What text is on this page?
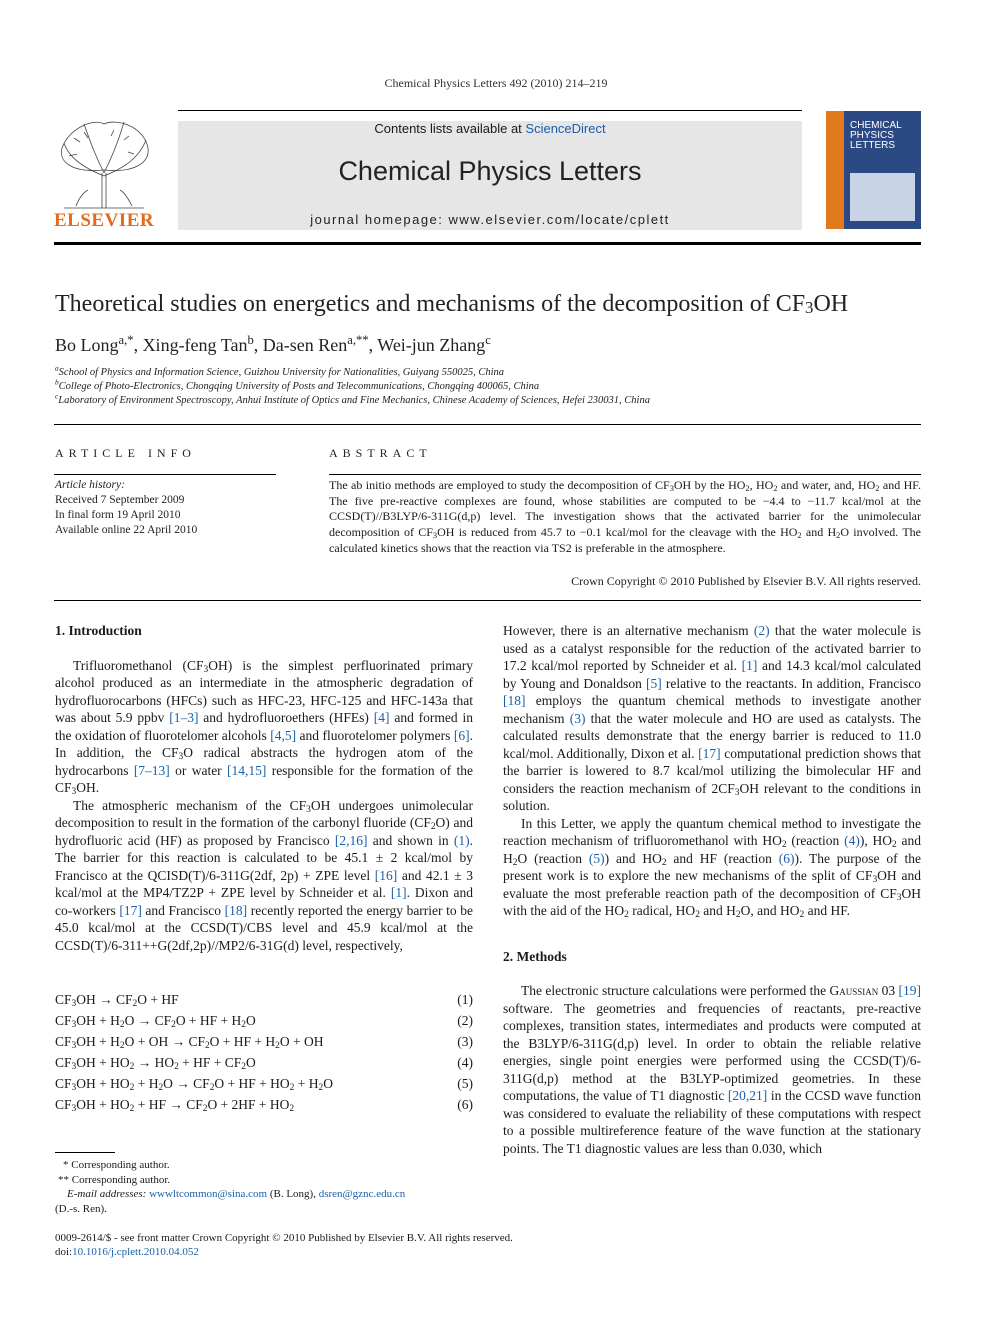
Chemical Physics Letters 492 (2010) 214–219
ELSEVIER
Contents lists available at ScienceDirect
Chemical Physics Letters
journal homepage: www.elsevier.com/locate/cplett
CHEMICAL PHYSICS LETTERS
Theoretical studies on energetics and mechanisms of the decomposition of $CF_3OH$
Bo Long$^{a,*}$, Xing-feng Tan$^b$, Da-sen Ren$^{a,**}$, Wei-jun Zhang$^c$
$^a$School of Physics and Information Science, Guizhou University for Nationalities, Guiyang 550025, China
$^b$College of Photo-Electronics, Chongqing University of Posts and Telecommunications, Chongqing 400065, China
$^c$Laboratory of Environment Spectroscopy, Anhui Institute of Optics and Fine Mechanics, Chinese Academy of Sciences, Hefei 230031, China
ARTICLE INFO
Article history:
Received 7 September 2009
In final form 19 April 2010
Available online 22 April 2010
ABSTRACT
The ab initio methods are employed to study the decomposition of $CF_3OH$ by the $HO_2$, $HO_2$ and water, and, $HO_2$ and HF. The five pre-reactive complexes are found, whose stabilities are computed to be −4.4 to −11.7 kcal/mol at the CCSD(T)//B3LYP/6-311G(d,p) level. The investigation shows that the activated barrier for the unimolecular decomposition of $CF_3OH$ is reduced from 45.7 to −0.1 kcal/mol for the cleavage with the $HO_2$ and $H_2O$ involved. The calculated kinetics shows that the reaction via TS2 is preferable in the atmosphere.
Crown Copyright © 2010 Published by Elsevier B.V. All rights reserved.
1. Introduction

Trifluoromethanol $(CF_3OH)$ is the simplest perfluorinated primary alcohol produced as an intermediate in the atmospheric degradation of hydrofluorocarbons (HFCs) such as HFC-23, HFC-125 and HFC-143a that was about 5.9 ppbv [1–3] and hydrofluoroethers (HFEs) [4] and formed in the oxidation of fluorotelomer alcohols [4,5] and fluorotelomer polymers [6]. In addition, the $CF_3O$ radical abstracts the hydrogen atom of the hydrocarbons [7–13] or water [14,15] responsible for the formation of the $CF_3OH$.

The atmospheric mechanism of the $CF_3OH$ undergoes unimolecular decomposition to result in the formation of the carbonyl fluoride $(CF_2O)$ and hydrofluoric acid (HF) as proposed by Francisco [2,16] and shown in (1). The barrier for this reaction is calculated to be 45.1 ± 2 kcal/mol by Francisco at the QCISD(T)/6-311G(2df, 2p) + ZPE level [16] and 42.1 ± 3 kcal/mol at the MP4/TZ2P + ZPE level by Schneider et al. [1]. Dixon and co-workers [17] and Francisco [18] recently reported the energy barrier to be 45.0 kcal/mol at the CCSD(T)/CBS level and 45.9 kcal/mol at the CCSD(T)/6-311++G(2df,2p)//MP2/6-31G(d) level, respectively,

$CF_3OH \to CF_2O$ + HF	(1)
$CF_3OH + H_2O \to CF_2O$ + HF + $H_2O$	(2)
$CF_3OH + H_2O$ + OH → $CF_2O$ + HF + $H_2O$ + OH	(3)
$CF_3OH + HO_2 \to HO_2$ + HF + $CF_2O$	(4)
$CF_3OH + HO_2 + H_2O \to CF_2O$ + HF + $HO_2 + H_2O$	(5)
$CF_3OH + HO_2$ + HF → $CF_2O + 2HF + HO_2$	(6)
* Corresponding author.
** Corresponding author.
E-mail addresses: wwwltcommon@sina.com (B. Long), dsren@gznc.edu.cn
(D.-s. Ren).

However, there is an alternative mechanism (2) that the water molecule is used as a catalyst responsible for the reduction of the activated barrier to 17.2 kcal/mol reported by Schneider et al. [1] and 14.3 kcal/mol calculated by Young and Donaldson [5] relative to the reactants. In addition, Francisco [18] employs the quantum chemical methods to investigate another mechanism (3) that the water molecule and HO are used as catalysts. The calculated results demonstrate that the energy barrier is reduced to 11.0 kcal/mol. Additionally, Dixon et al. [17] computational prediction shows that the barrier is lowered to 8.7 kcal/mol utilizing the bimolecular HF and considers the reaction mechanism of $2CF_3OH$ relevant to the conditions in solution.

In this Letter, we apply the quantum chemical method to investigate the reaction mechanism of trifluoromethanol with $HO_2$ (reaction (4)), $HO_2$ and $H_2O$ (reaction (5)) and $HO_2$ and HF (reaction (6)). The purpose of the present work is to explore the new mechanisms of the split of $CF_3OH$ and evaluate the most preferable reaction path of the decomposition of $CF_3OH$ with the aid of the $HO_2$ radical, $HO_2$ and $H_2O$, and $HO_2$ and HF.

2. Methods

The electronic structure calculations were performed the Gaussian 03 [19] software. The geometries and frequencies of reactants, pre-reactive complexes, transition states, intermediates and products were computed at the B3LYP/6-311G(d,p) level. In order to obtain the reliable relative energies, single point energies were performed using the CCSD(T)/6-311G(d,p) method at the B3LYP-optimized geometries. In these computations, the value of T1 diagnostic [20,21] in the CCSD wave function was considered to evaluate the reliability of these computations with respect to a possible multireference feature of the wave function at the stationary points. The T1 diagnostic values are less than 0.030, which

0009-2614/$ - see front matter Crown Copyright © 2010 Published by Elsevier B.V. All rights reserved.
doi:10.1016/j.cplett.2010.04.052
